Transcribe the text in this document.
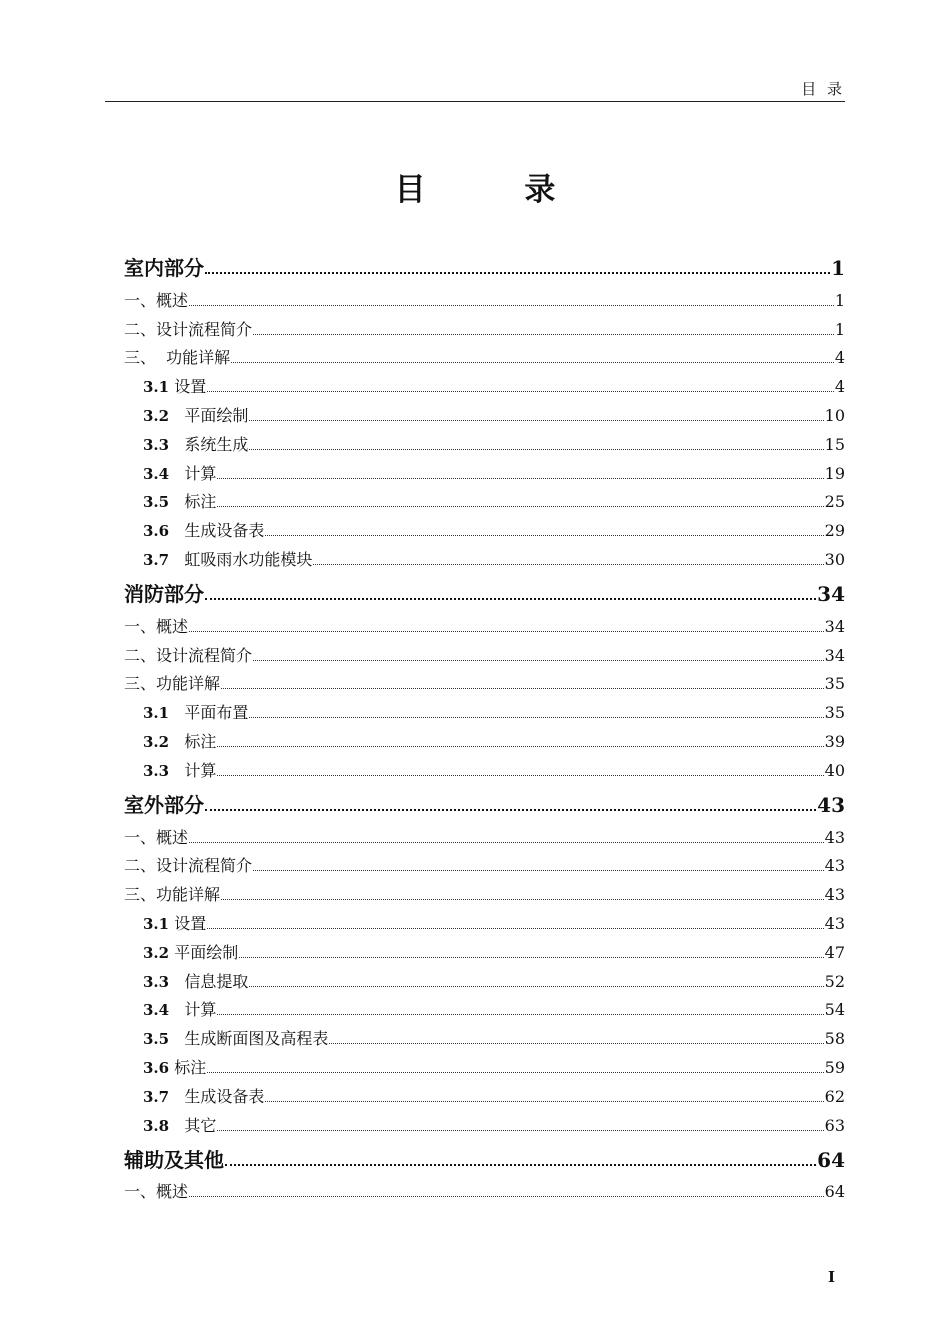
目 录
目 录
室内部分	1
一、概述	1
二、设计流程简介	1
三、  功能详解	4
3.1 设置	4
3.2 平面绘制	10
3.3 系统生成	15
3.4 计算	19
3.5 标注	25
3.6 生成设备表	29
3.7 虹吸雨水功能模块	30
消防部分	34
一、概述	34
二、设计流程简介	34
三、功能详解	35
3.1 平面布置	35
3.2 标注	39
3.3 计算	40
室外部分	43
一、概述	43
二、设计流程简介	43
三、功能详解	43
3.1 设置	43
3.2 平面绘制	47
3.3 信息提取	52
3.4 计算	54
3.5 生成断面图及高程表	58
3.6 标注	59
3.7 生成设备表	62
3.8 其它	63
辅助及其他	64
一、概述	64
I
